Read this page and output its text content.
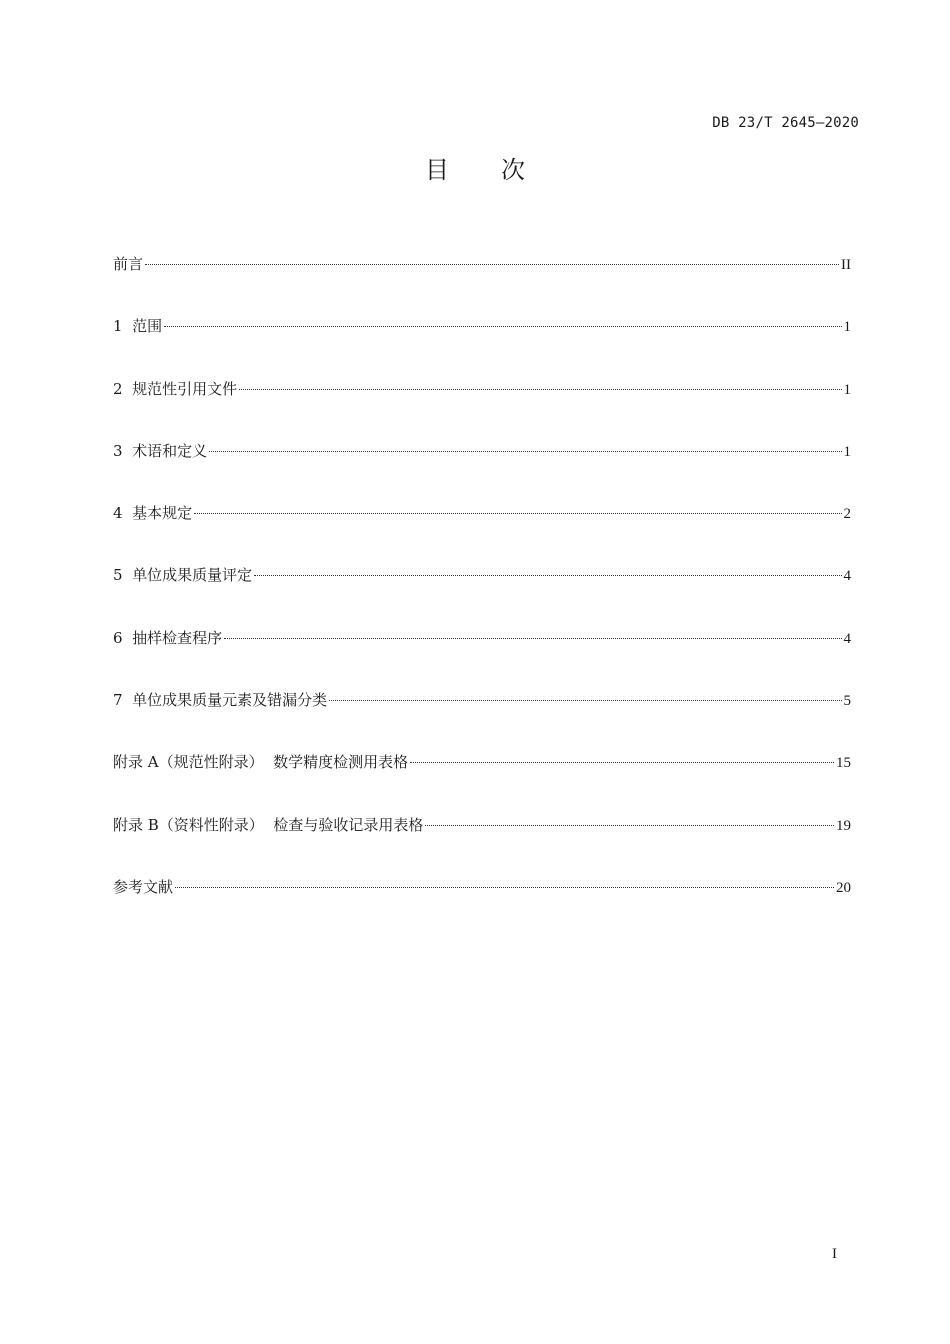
DB 23/T 2645—2020
目 次
前言	II
1  范围	1
2  规范性引用文件	1
3  术语和定义	1
4  基本规定	2
5  单位成果质量评定	4
6  抽样检查程序	4
7  单位成果质量元素及错漏分类	5
附录 A（规范性附录）  数学精度检测用表格	15
附录 B（资料性附录）  检查与验收记录用表格	19
参考文献	20
I
